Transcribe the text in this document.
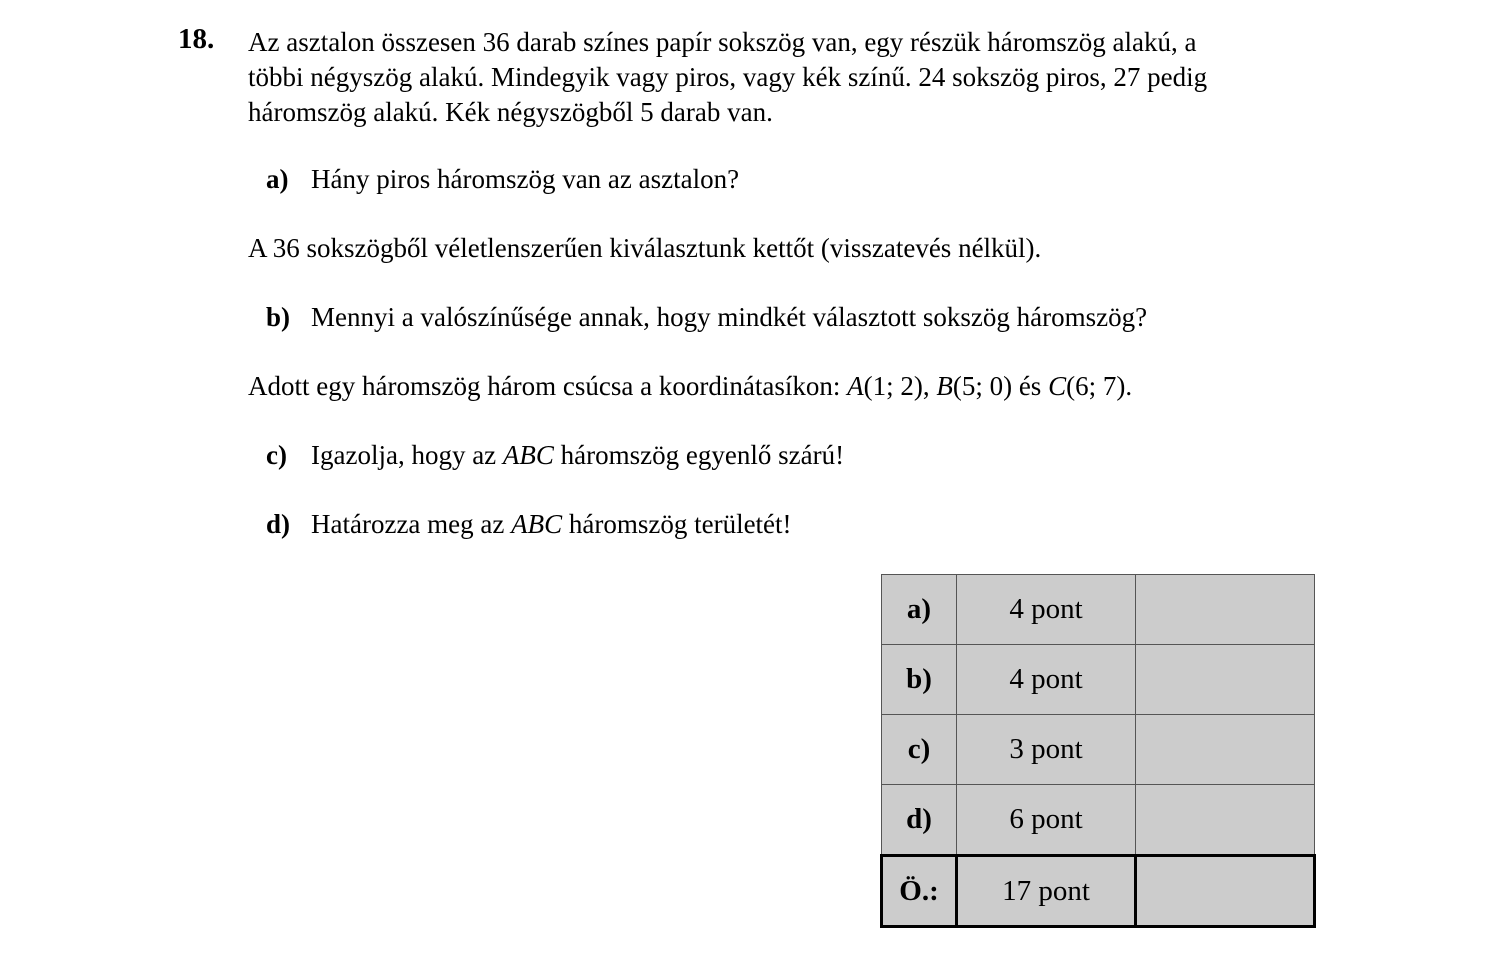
18. Az asztalon összesen 36 darab színes papír sokszög van, egy részük háromszög alakú, a
többi négyszög alakú. Mindegyik vagy piros, vagy kék színű. 24 sokszög piros, 27 pedig
háromszög alakú. Kék négyszögből 5 darab van.
a) Hány piros háromszög van az asztalon?
A 36 sokszögből véletlenszerűen kiválasztunk kettőt (visszatevés nélkül).
b) Mennyi a valószínűsége annak, hogy mindkét választott sokszög háromszög?
Adott egy háromszög három csúcsa a koordinátasíkon: A(1; 2), B(5; 0) és C(6; 7).
c) Igazolja, hogy az ABC háromszög egyenlő szárú!
d) Határozza meg az ABC háromszög területét!
a)	4 pont	
b)	4 pont	
c)	3 pont	
d)	6 pont	
Ö.:	17 pont	
